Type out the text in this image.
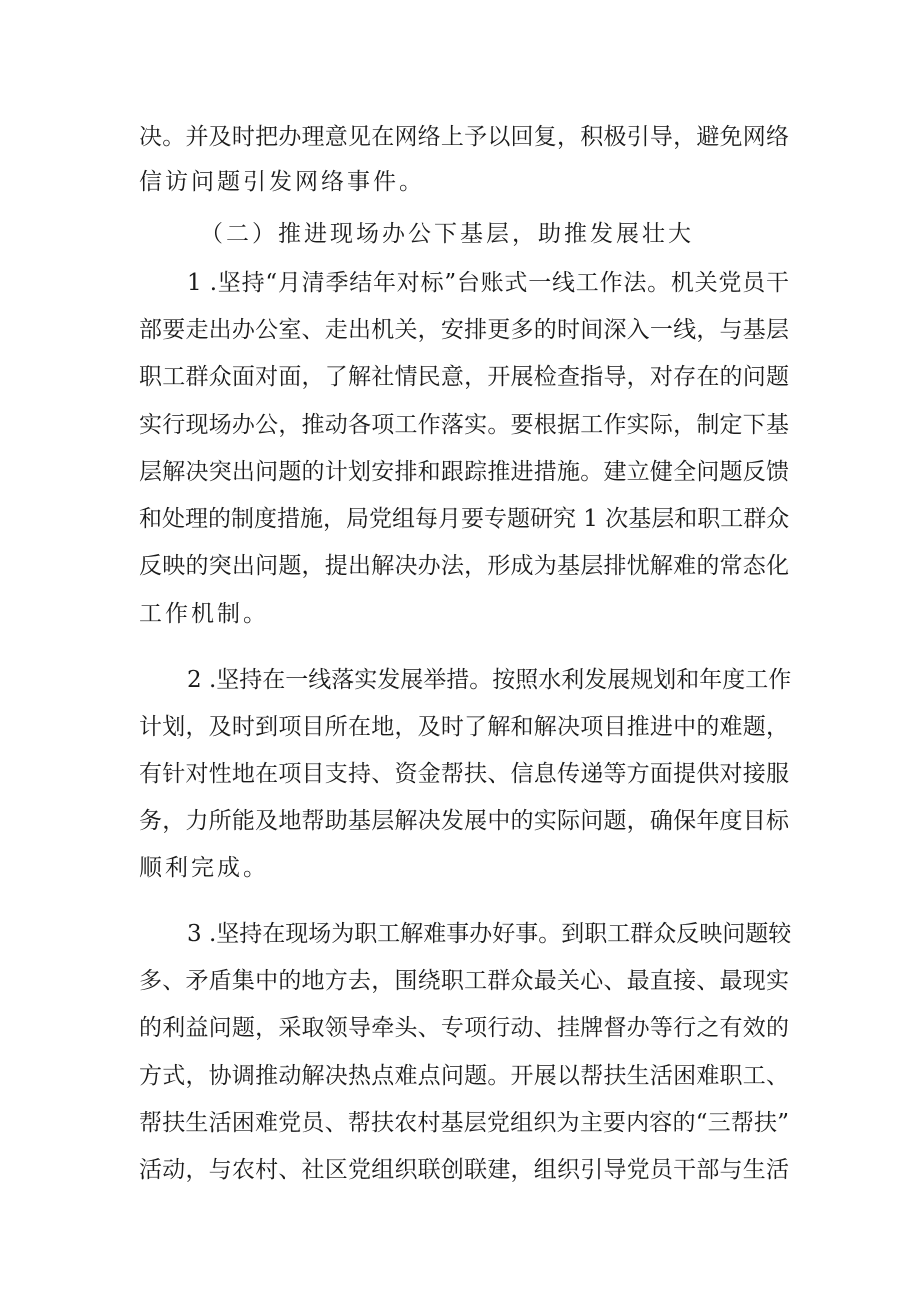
决。并及时把办理意见在网络上予以回复，积极引导，避免网络
信访问题引发网络事件。
（二）推进现场办公下基层，助推发展壮大
1 .坚持“月清季结年对标”台账式一线工作法。机关党员干
部要走出办公室、走出机关，安排更多的时间深入一线，与基层
职工群众面对面，了解社情民意，开展检查指导，对存在的问题
实行现场办公，推动各项工作落实。要根据工作实际，制定下基
层解决突出问题的计划安排和跟踪推进措施。建立健全问题反馈
和处理的制度措施，局党组每月要专题研究 1 次基层和职工群众
反映的突出问题，提出解决办法，形成为基层排忧解难的常态化
工作机制。
2 .坚持在一线落实发展举措。按照水利发展规划和年度工作
计划，及时到项目所在地，及时了解和解决项目推进中的难题，
有针对性地在项目支持、资金帮扶、信息传递等方面提供对接服
务，力所能及地帮助基层解决发展中的实际问题，确保年度目标
顺利完成。
3 .坚持在现场为职工解难事办好事。到职工群众反映问题较
多、矛盾集中的地方去，围绕职工群众最关心、最直接、最现实
的利益问题，采取领导牵头、专项行动、挂牌督办等行之有效的
方式，协调推动解决热点难点问题。开展以帮扶生活困难职工、
帮扶生活困难党员、帮扶农村基层党组织为主要内容的“三帮扶”
活动，与农村、社区党组织联创联建，组织引导党员干部与生活
